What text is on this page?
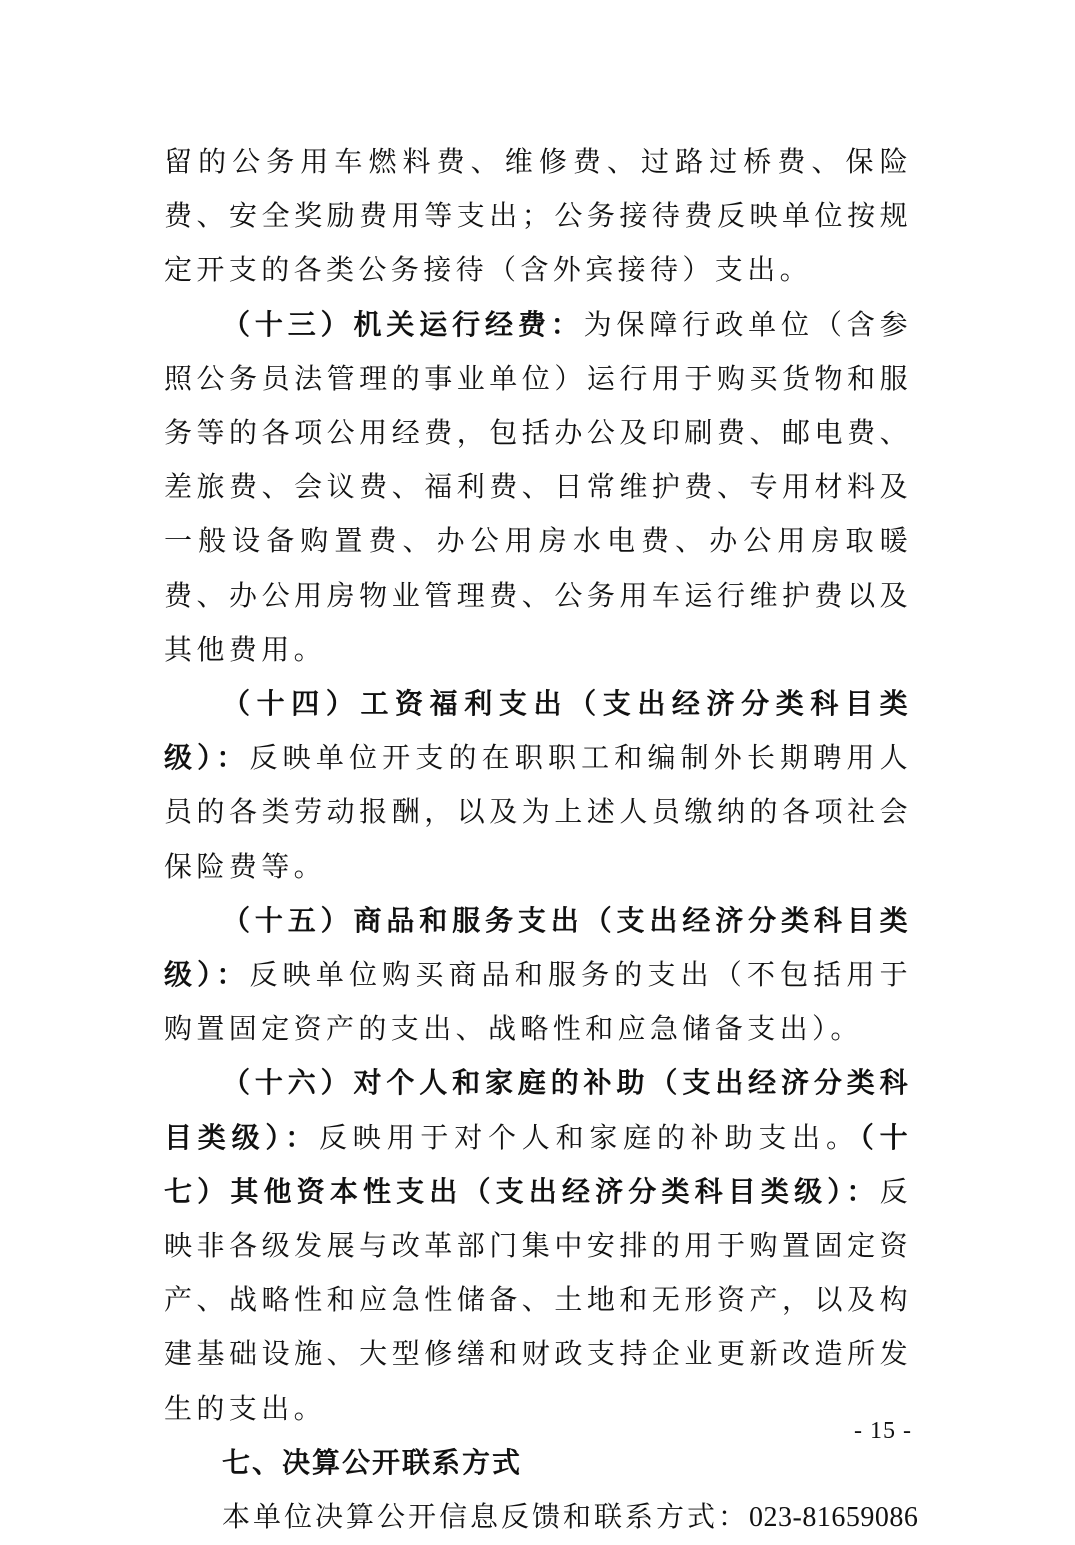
留的公务用车燃料费、维修费、过路过桥费、保险费、安全奖励费用等支出；公务接待费反映单位按规定开支的各类公务接待（含外宾接待）支出。

（十三）机关运行经费：为保障行政单位（含参照公务员法管理的事业单位）运行用于购买货物和服务等的各项公用经费，包括办公及印刷费、邮电费、差旅费、会议费、福利费、日常维护费、专用材料及一般设备购置费、办公用房水电费、办公用房取暖费、办公用房物业管理费、公务用车运行维护费以及其他费用。

（十四）工资福利支出（支出经济分类科目类级）：反映单位开支的在职职工和编制外长期聘用人员的各类劳动报酬，以及为上述人员缴纳的各项社会保险费等。

（十五）商品和服务支出（支出经济分类科目类级）：反映单位购买商品和服务的支出（不包括用于购置固定资产的支出、战略性和应急储备支出）。

（十六）对个人和家庭的补助（支出经济分类科目类级）：反映用于对个人和家庭的补助支出。（十七）其他资本性支出（支出经济分类科目类级）：反映非各级发展与改革部门集中安排的用于购置固定资产、战略性和应急性储备、土地和无形资产，以及构建基础设施、大型修缮和财政支持企业更新改造所发生的支出。

七、决算公开联系方式

本单位决算公开信息反馈和联系方式：023-81659086

- 15 -
